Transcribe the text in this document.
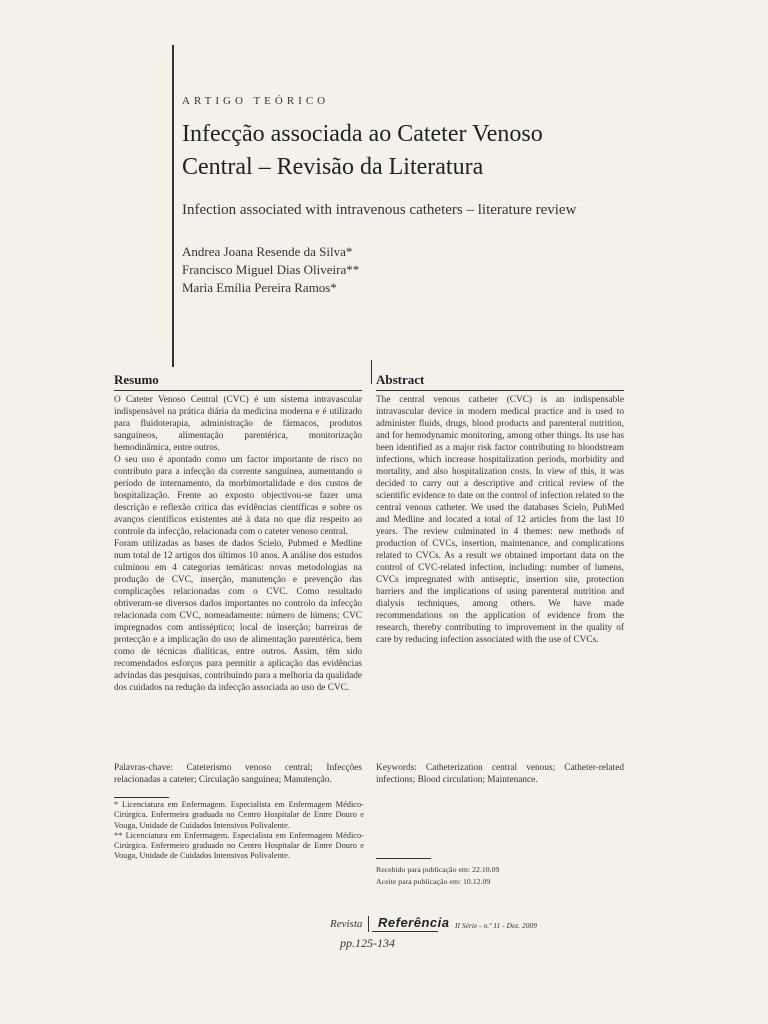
ARTIGO TEÓRICO
Infecção associada ao Cateter Venoso
Central – Revisão da Literatura
Infection associated with intravenous catheters – literature review
Andrea Joana Resende da Silva*
Francisco Miguel Dias Oliveira**
Maria Emília Pereira Ramos*
Resumo

O Cateter Venoso Central (CVC) é um sistema intravascular indispensável na prática diária da medicina moderna e é utilizado para fluidoterapia, administração de fármacos, produtos sanguíneos, alimentação parentérica, monitorização hemodinâmica, entre outros.

O seu uso é apontado como um factor importante de risco no contributo para a infecção da corrente sanguínea, aumentando o período de internamento, da morbimortalidade e dos custos de hospitalização. Frente ao exposto objectivou-se fazer uma descrição e reflexão crítica das evidências científicas e sobre os avanços científicos existentes até à data no que diz respeito ao controle da infecção, relacionada com o cateter venoso central.

Foram utilizadas as bases de dados Scielo, Pubmed e Medline num total de 12 artigos dos últimos 10 anos. A análise dos estudos culminou em 4 categorias temáticas: novas metodologias na produção de CVC, inserção, manutenção e prevenção das complicações relacionadas com o CVC. Como resultado obtiveram-se diversos dados importantes no controlo da infecção relacionada com CVC, nomeadamente: número de lúmens; CVC impregnados com antisséptico; local de inserção; barreiras de protecção e a implicação do uso de alimentação parentérica, bem como de técnicas dialíticas, entre outros. Assim, têm sido recomendados esforços para permitir a aplicação das evidências advindas das pesquisas, contribuindo para a melhoria da qualidade dos cuidados na redução da infecção associada ao uso de CVC.

Palavras-chave: Cateterismo venoso central; Infecções relacionadas a cateter; Circulação sanguínea; Manutenção.
Abstract

The central venous catheter (CVC) is an indispensable intravascular device in modern medical practice and is used to administer fluids, drugs, blood products and parenteral nutrition, and for hemodynamic monitoring, among other things. Its use has been identified as a major risk factor contributing to bloodstream infections, which increase hospitalization periods, morbidity and mortality, and also hospitalization costs. In view of this, it was decided to carry out a descriptive and critical review of the scientific evidence to date on the control of infection related to the central venous catheter. We used the databases Scielo, PubMed and Medline and located a total of 12 articles from the last 10 years. The review culminated in 4 themes: new methods of production of CVCs, insertion, maintenance, and complications related to CVCs. As a result we obtained important data on the control of CVC-related infection, including: number of lumens, CVCs impregnated with antiseptic, insertion site, protection barriers and the implications of using parenteral nutrition and dialysis techniques, among others. We have made recommendations on the application of evidence from the research, thereby contributing to improvement in the quality of care by reducing infection associated with the use of CVCs.

Keywords: Catheterization central venous; Catheter-related infections; Blood circulation; Maintenance.

* Licenciatura em Enfermagem. Especialista em Enfermagem Médico-Cirúrgica. Enfermeira graduada no Centro Hospitalar de Entre Douro e Vouga, Unidade de Cuidados Intensivos Polivalente.

** Licenciatura em Enfermagem. Especialista em Enfermagem Médico-Cirúrgica. Enfermeiro graduado no Centro Hospitalar de Entre Douro e Vouga, Unidade de Cuidados Intensivos Polivalente.

Recebido para publicação em: 22.10.09
Aceite para publicação em: 10.12.09
Revista Referência II Série - n.º 11 - Dez. 2009
pp.125-134
